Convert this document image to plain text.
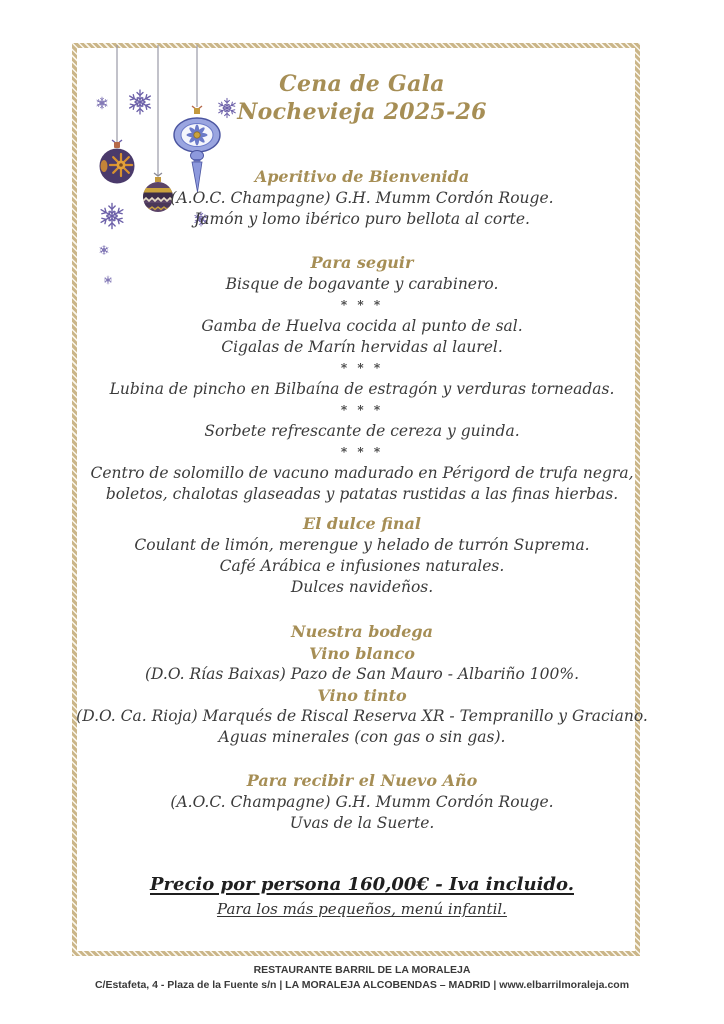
Cena de Gala
Nochevieja 2025-26
Aperitivo de Bienvenida
(A.O.C. Champagne) G.H. Mumm Cordón Rouge.
Jamón y lomo ibérico puro bellota al corte.
Para seguir
Bisque de bogavante y carabinero.
* * *
Gamba de Huelva cocida al punto de sal.
Cigalas de Marín hervidas al laurel.
* * *
Lubina de pincho en Bilbaína de estragón y verduras torneadas.
* * *
Sorbete refrescante de cereza y guinda.
* * *
Centro de solomillo de vacuno madurado en Périgord de trufa negra,
boletos, chalotas glaseadas y patatas rustidas a las finas hierbas.
El dulce final
Coulant de limón, merengue y helado de turrón Suprema.
Café Arábica e infusiones naturales.
Dulces navideños.
Nuestra bodega
Vino blanco
(D.O. Rías Baixas) Pazo de San Mauro - Albariño 100%.
Vino tinto
(D.O. Ca. Rioja) Marqués de Riscal Reserva XR - Tempranillo y Graciano.
Aguas minerales (con gas o sin gas).
Para recibir el Nuevo Año
(A.O.C. Champagne) G.H. Mumm Cordón Rouge.
Uvas de la Suerte.
Precio por persona 160,00€ - Iva incluido.
Para los más pequeños, menú infantil.
RESTAURANTE BARRIL DE LA MORALEJA
C/Estafeta, 4 - Plaza de la Fuente s/n | LA MORALEJA ALCOBENDAS – MADRID | www.elbarrilmoraleja.com
